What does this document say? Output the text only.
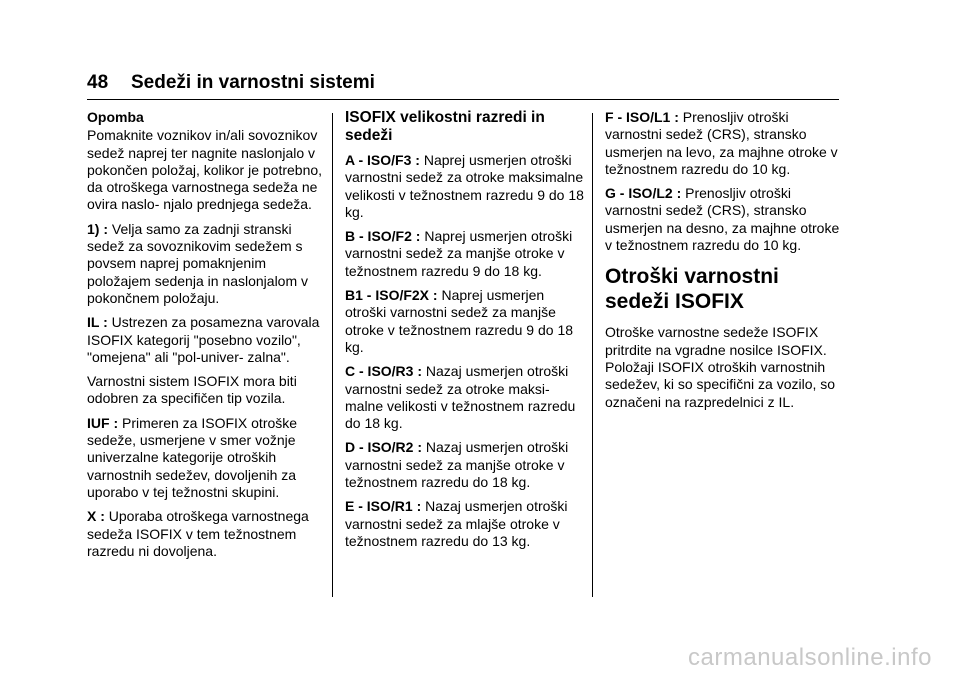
48 Sedeži in varnostni sistemi

Opomba

Pomaknite voznikov in/ali sovoznikov sedež naprej ter nagnite naslonjalo v pokončen položaj, kolikor je potrebno, da otroškega varnostnega sedeža ne ovira naslo- njalo prednjega sedeža.

1) : Velja samo za zadnji stranski sedež za sovoznikovim sedežem s povsem naprej pomaknjenim položajem sedenja in naslonjalom v pokončnem položaju.

IL : Ustrezen za posamezna varovala ISOFIX kategorij "posebno vozilo", "omejena" ali "pol-univer- zalna".

Varnostni sistem ISOFIX mora biti odobren za specifičen tip vozila.

IUF : Primeren za ISOFIX otroške sedeže, usmerjene v smer vožnje univerzalne kategorije otroških varnostnih sedežev, dovoljenih za uporabo v tej težnostni skupini.

X : Uporaba otroškega varnostnega sedeža ISOFIX v tem težnostnem razredu ni dovoljena.

ISOFIX velikostni razredi in sedeži

A - ISO/F3 : Naprej usmerjen otroški varnostni sedež za otroke maksimalne velikosti v težnostnem razredu 9 do 18 kg.

B - ISO/F2 : Naprej usmerjen otroški varnostni sedež za manjše otroke v težnostnem razredu 9 do 18 kg.

B1 - ISO/F2X : Naprej usmerjen otroški varnostni sedež za manjše otroke v težnostnem razredu 9 do 18 kg.

C - ISO/R3 : Nazaj usmerjen otroški varnostni sedež za otroke maksi- malne velikosti v težnostnem razredu do 18 kg.

D - ISO/R2 : Nazaj usmerjen otroški varnostni sedež za manjše otroke v težnostnem razredu do 18 kg.

E - ISO/R1 : Nazaj usmerjen otroški varnostni sedež za mlajše otroke v težnostnem razredu do 13 kg.

F - ISO/L1 : Prenosljiv otroški varnostni sedež (CRS), stransko usmerjen na levo, za majhne otroke v težnostnem razredu do 10 kg.

G - ISO/L2 : Prenosljiv otroški varnostni sedež (CRS), stransko usmerjen na desno, za majhne otroke v težnostnem razredu do 10 kg.

Otroški varnostni sedeži ISOFIX

Otroške varnostne sedeže ISOFIX pritrdite na vgradne nosilce ISOFIX. Položaji ISOFIX otroških varnostnih sedežev, ki so specifični za vozilo, so označeni na razpredelnici z IL.

carmanualsonline.info
